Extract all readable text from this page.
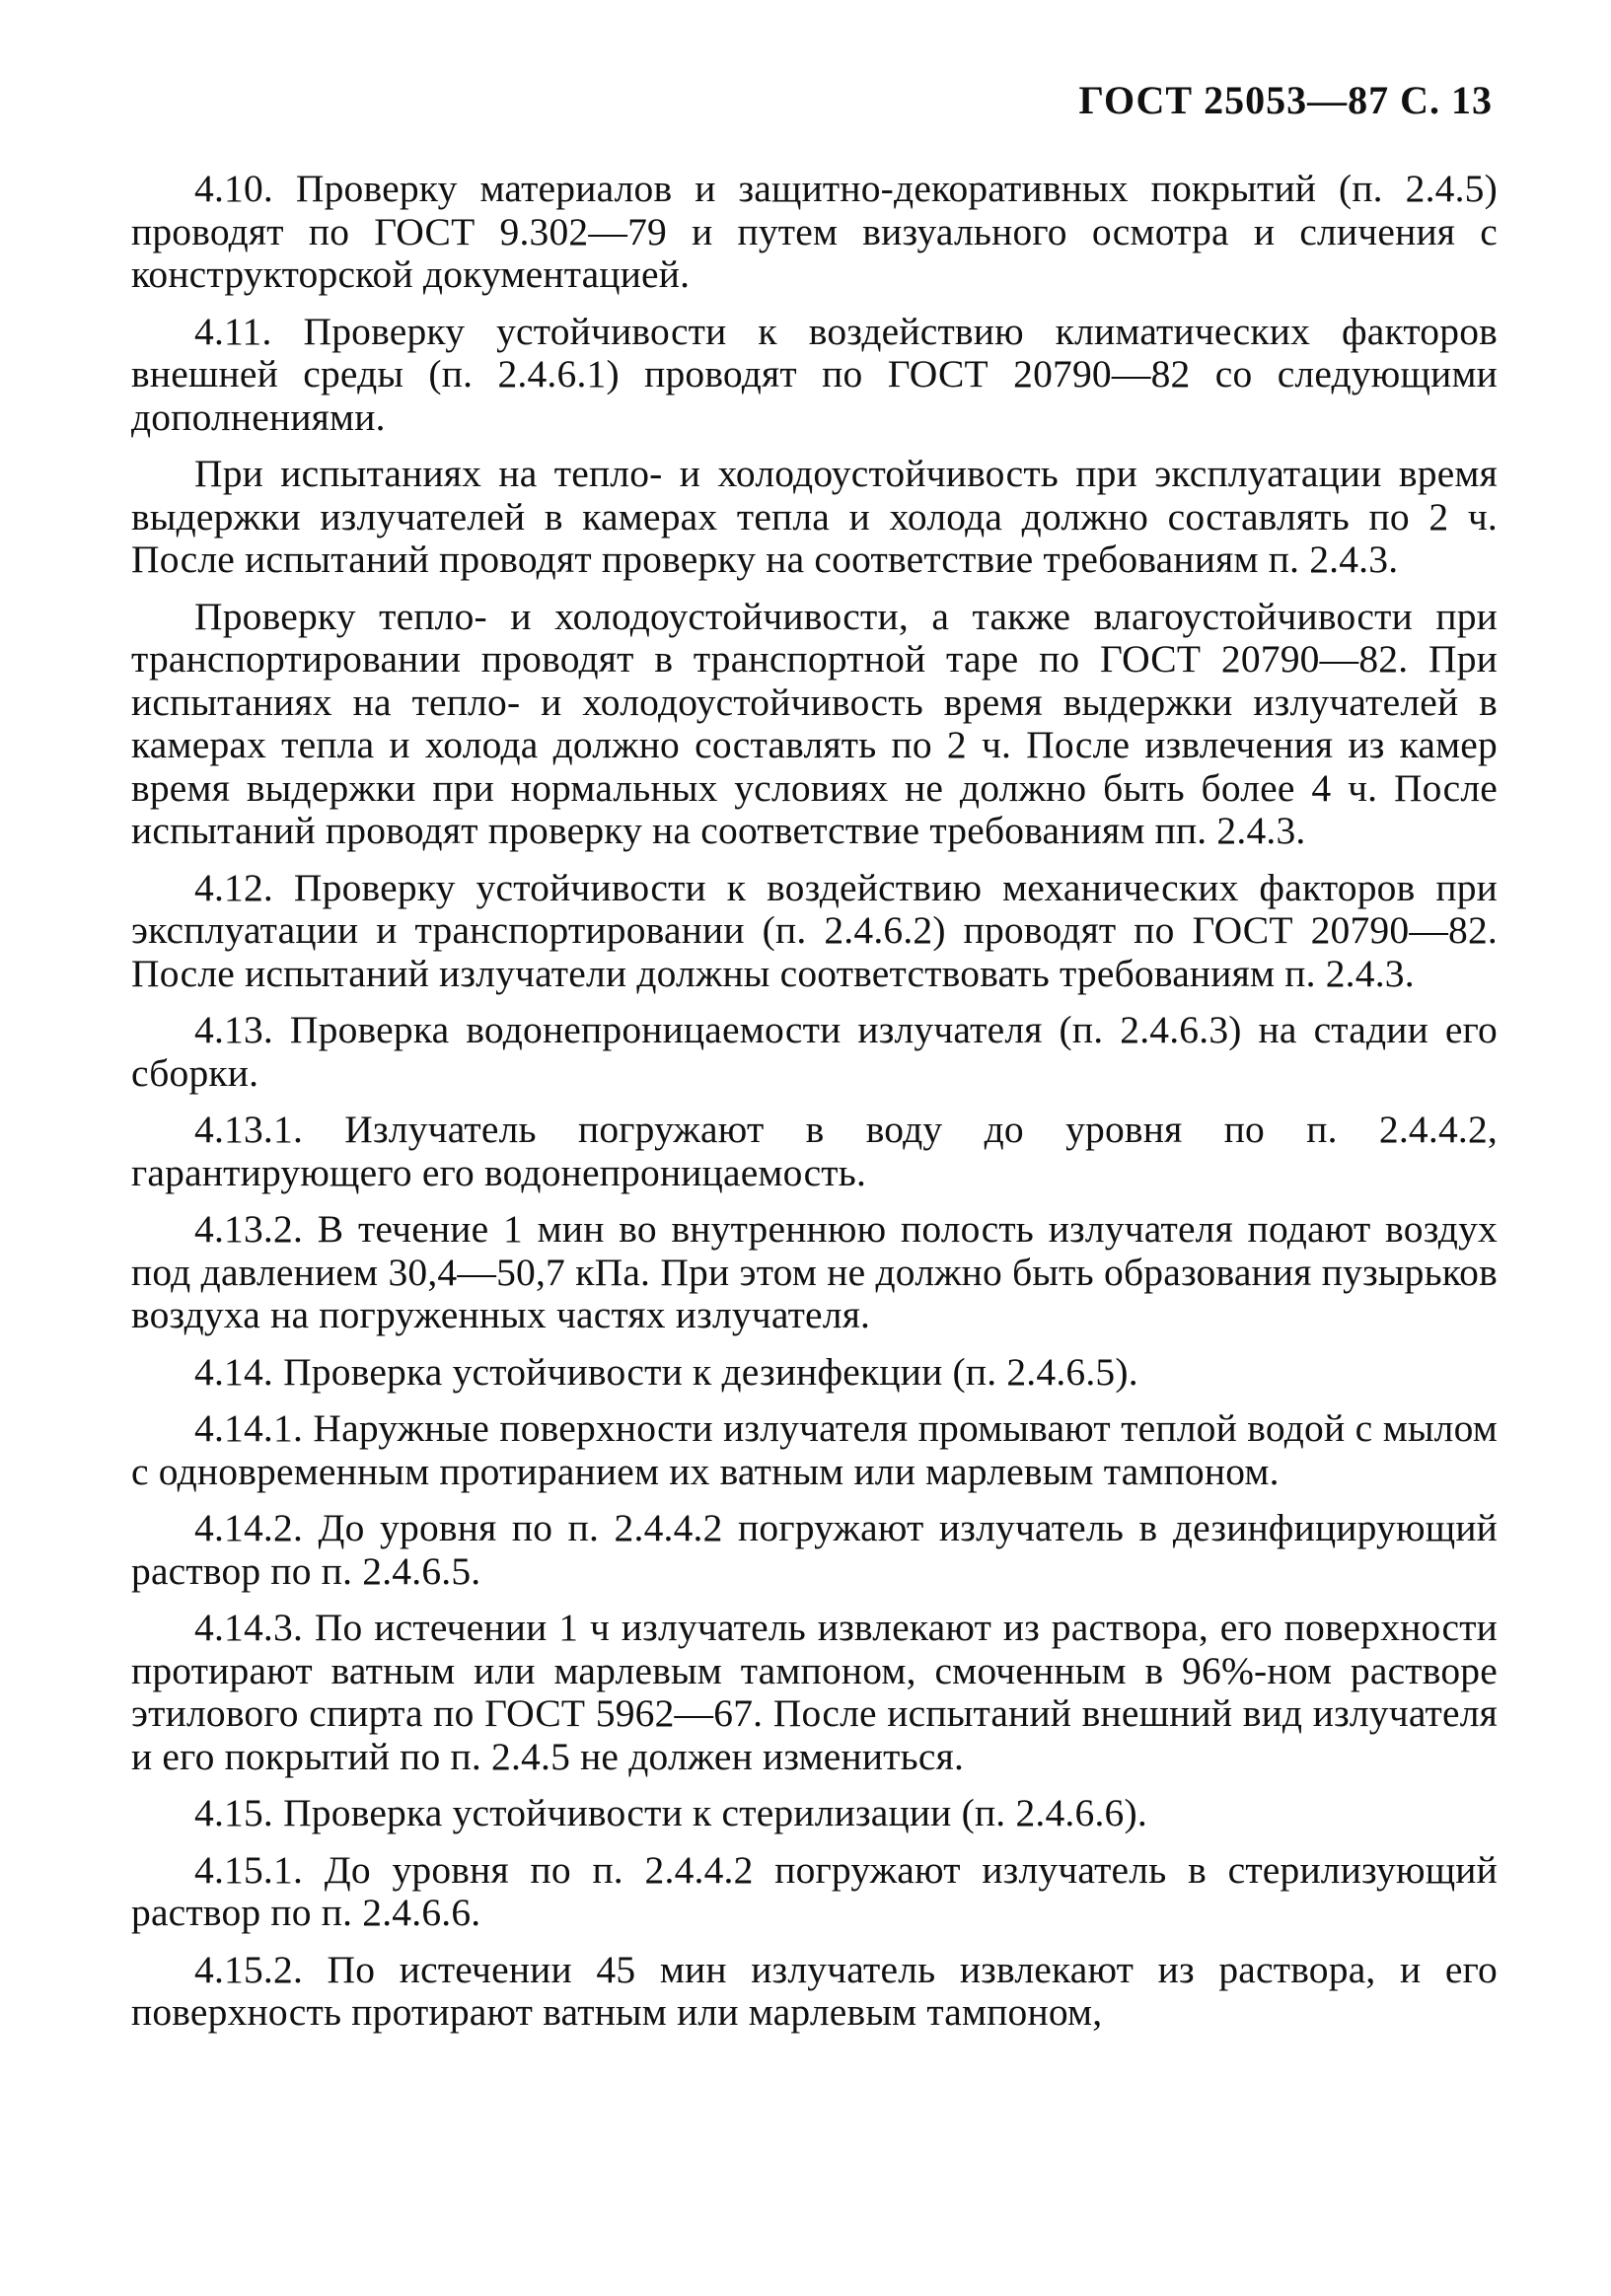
ГОСТ 25053—87 С. 13

4.10. Проверку материалов и защитно-декоративных покрытий (п. 2.4.5) проводят по ГОСТ 9.302—79 и путем визуального осмотра и сличения с конструкторской документацией.

4.11. Проверку устойчивости к воздействию климатических факторов внешней среды (п. 2.4.6.1) проводят по ГОСТ 20790—82 со следующими дополнениями.

При испытаниях на тепло- и холодоустойчивость при эксплуатации время выдержки излучателей в камерах тепла и холода должно составлять по 2 ч. После испытаний проводят проверку на соответствие требованиям п. 2.4.3.

Проверку тепло- и холодоустойчивости, а также влагоустойчивости при транспортировании проводят в транспортной таре по ГОСТ 20790—82. При испытаниях на тепло- и холодоустойчивость время выдержки излучателей в камерах тепла и холода должно составлять по 2 ч. После извлечения из камер время выдержки при нормальных условиях не должно быть более 4 ч. После испытаний проводят проверку на соответствие требованиям пп. 2.4.3.

4.12. Проверку устойчивости к воздействию механических факторов при эксплуатации и транспортировании (п. 2.4.6.2) проводят по ГОСТ 20790—82. После испытаний излучатели должны соответствовать требованиям п. 2.4.3.

4.13. Проверка водонепроницаемости излучателя (п. 2.4.6.3) на стадии его сборки.

4.13.1. Излучатель погружают в воду до уровня по п. 2.4.4.2, гарантирующего его водонепроницаемость.

4.13.2. В течение 1 мин во внутреннюю полость излучателя подают воздух под давлением 30,4—50,7 кПа. При этом не должно быть образования пузырьков воздуха на погруженных частях излучателя.

4.14. Проверка устойчивости к дезинфекции (п. 2.4.6.5).

4.14.1. Наружные поверхности излучателя промывают теплой водой с мылом с одновременным протиранием их ватным или марлевым тампоном.

4.14.2. До уровня по п. 2.4.4.2 погружают излучатель в дезинфицирующий раствор по п. 2.4.6.5.

4.14.3. По истечении 1 ч излучатель извлекают из раствора, его поверхности протирают ватным или марлевым тампоном, смоченным в 96%-ном растворе этилового спирта по ГОСТ 5962—67. После испытаний внешний вид излучателя и его покрытий по п. 2.4.5 не должен измениться.

4.15. Проверка устойчивости к стерилизации (п. 2.4.6.6).

4.15.1. До уровня по п. 2.4.4.2 погружают излучатель в стерилизующий раствор по п. 2.4.6.6.

4.15.2. По истечении 45 мин излучатель извлекают из раствора, и его поверхность протирают ватным или марлевым тампоном,
